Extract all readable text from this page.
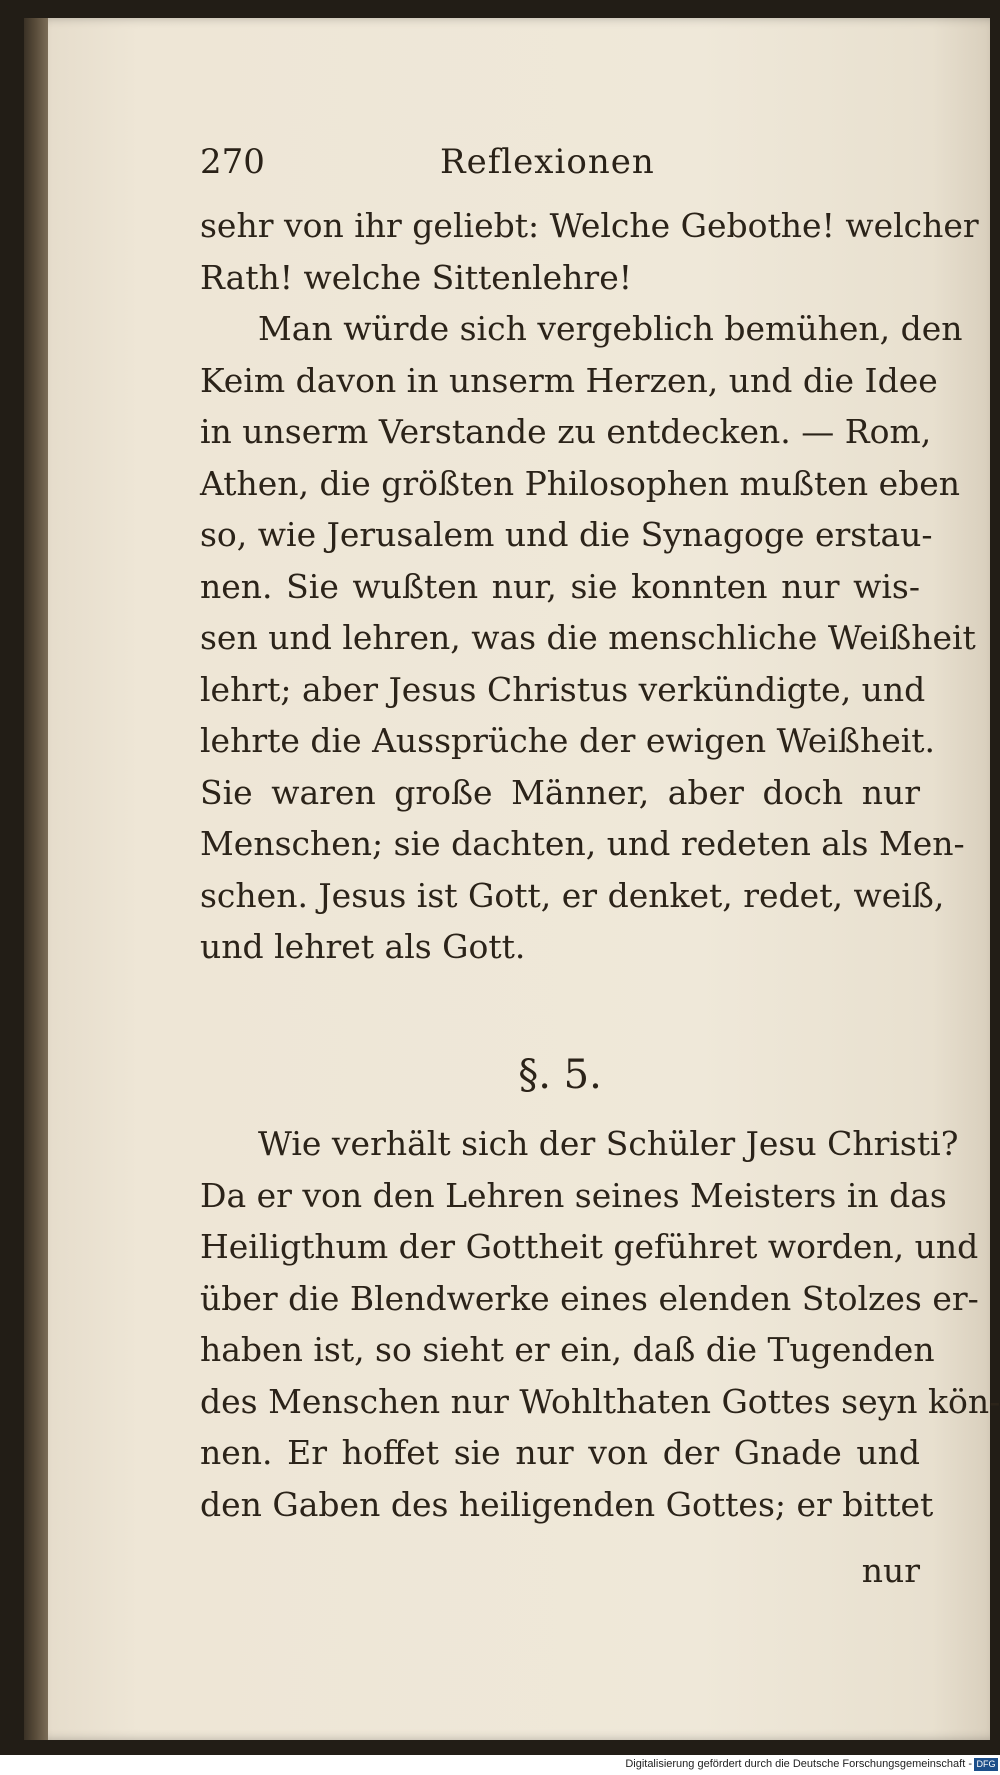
270	Reflexionen
sehr von ihr geliebt: Welche Gebothe! welcher
Rath! welche Sittenlehre!
Man würde sich vergeblich bemühen, den
Keim davon in unserm Herzen, und die Idee
in unserm Verstande zu entdecken. — Rom,
Athen, die größten Philosophen mußten eben
so, wie Jerusalem und die Synagoge erstau-
nen. Sie wußten nur, sie konnten nur wis-
sen und lehren, was die menschliche Weißheit
lehrt; aber Jesus Christus verkündigte, und
lehrte die Aussprüche der ewigen Weißheit.
Sie waren große Männer, aber doch nur
Menschen; sie dachten, und redeten als Men-
schen. Jesus ist Gott, er denket, redet, weiß,
und lehret als Gott.
§. 5.
Wie verhält sich der Schüler Jesu Christi?
Da er von den Lehren seines Meisters in das
Heiligthum der Gottheit geführet worden, und
über die Blendwerke eines elenden Stolzes er-
haben ist, so sieht er ein, daß die Tugenden
des Menschen nur Wohlthaten Gottes seyn kön-
nen. Er hoffet sie nur von der Gnade und
den Gaben des heiligenden Gottes; er bittet
nur
Digitalisierung gefördert durch die Deutsche Forschungsgemeinschaft - DFG
